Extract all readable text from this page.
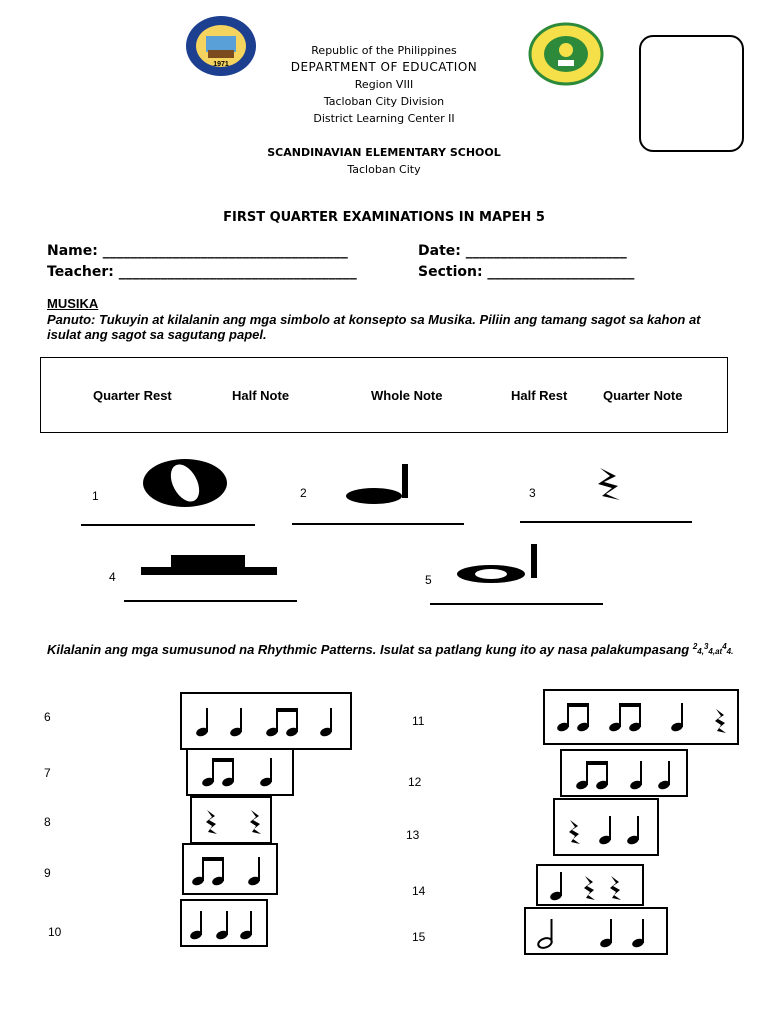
1971
Republic of the Philippines
DEPARTMENT OF EDUCATION
Region VIII
Tacloban City Division
District Learning Center II
SCANDINAVIAN ELEMENTARY SCHOOL
Tacloban City
FIRST QUARTER EXAMINATIONS IN MAPEH 5
Name: ___________________________________	Date: _______________________
Teacher: __________________________________	Section: _____________________
MUSIKA
Panuto: Tukuyin at kilalanin ang mga simbolo at konsepto sa Musika. Piliin ang tamang sagot sa kahon at isulat ang sagot sa sagutang papel.
Quarter Rest	Half Note	Whole Note	Half Rest	Quarter Note
1	2	3
4	5
Kilalanin ang mga sumusunod na Rhythmic Patterns. Isulat sa patlang kung ito ay nasa palakumpasang $^24,^34,at^44$.
6
7
8
9
10
11
12
13
14
15
